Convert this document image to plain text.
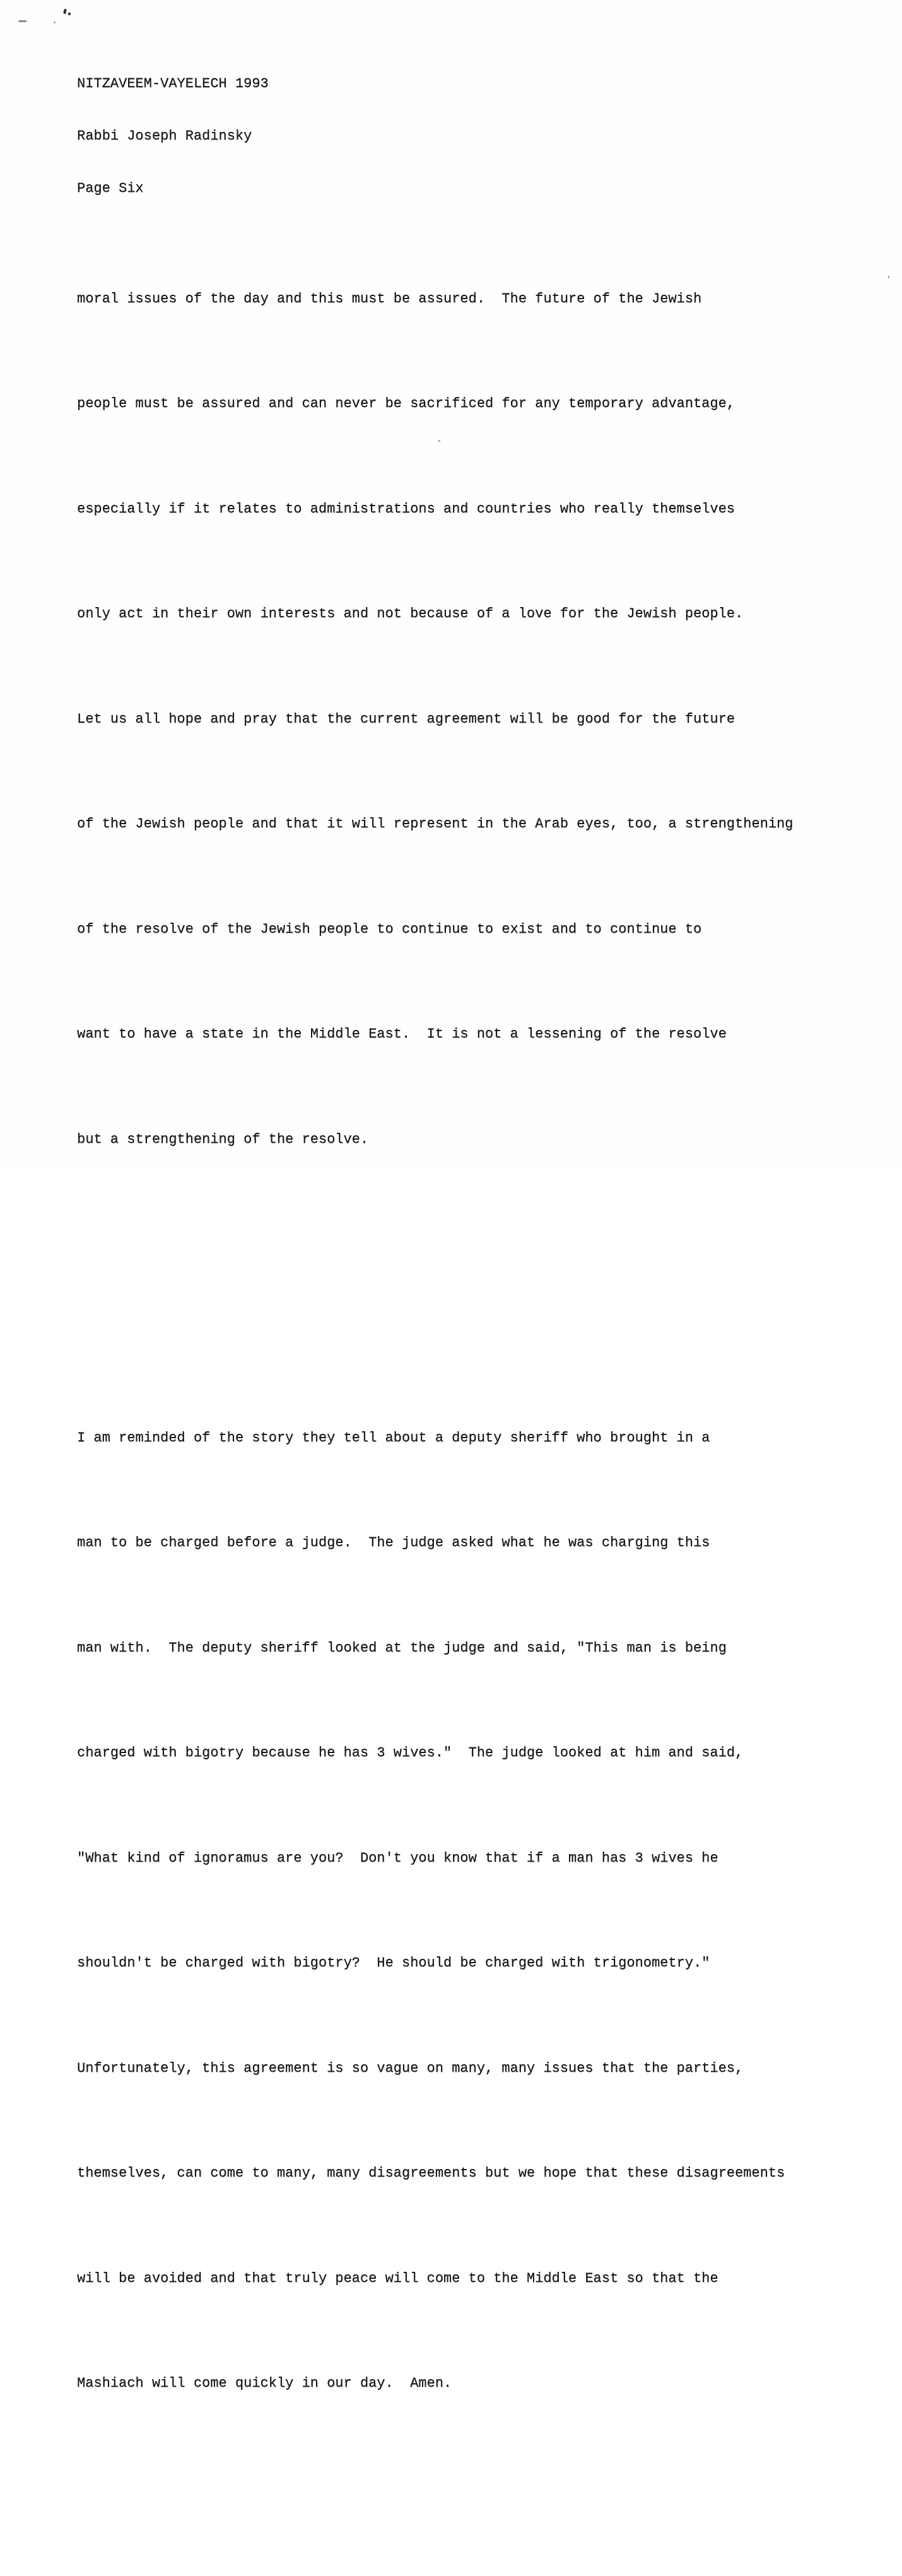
NITZAVEEM-VAYELECH 1993

Rabbi Joseph Radinsky

Page Six

moral issues of the day and this must be assured.  The future of the Jewish

people must be assured and can never be sacrificed for any temporary advantage,

especially if it relates to administrations and countries who really themselves

only act in their own interests and not because of a love for the Jewish people.

Let us all hope and pray that the current agreement will be good for the future

of the Jewish people and that it will represent in the Arab eyes, too, a strengthening

of the resolve of the Jewish people to continue to exist and to continue to

want to have a state in the Middle East.  It is not a lessening of the resolve

but a strengthening of the resolve.

I am reminded of the story they tell about a deputy sheriff who brought in a

man to be charged before a judge.  The judge asked what he was charging this

man with.  The deputy sheriff looked at the judge and said, "This man is being

charged with bigotry because he has 3 wives."  The judge looked at him and said,

"What kind of ignoramus are you?  Don't you know that if a man has 3 wives he

shouldn't be charged with bigotry?  He should be charged with trigonometry."

Unfortunately, this agreement is so vague on many, many issues that the parties,

themselves, can come to many, many disagreements but we hope that these disagreements

will be avoided and that truly peace will come to the Middle East so that the

Mashiach will come quickly in our day.  Amen.
